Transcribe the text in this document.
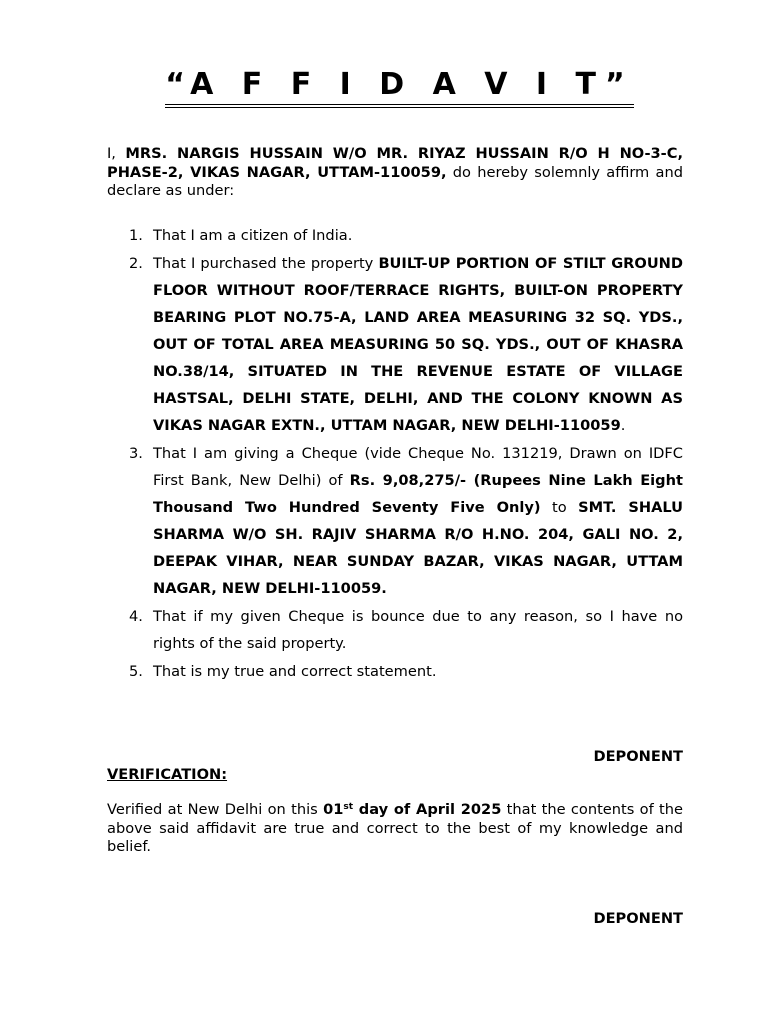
“A F F I D A V I T”

I, MRS. NARGIS HUSSAIN W/O MR. RIYAZ HUSSAIN R/O H NO-3-C, PHASE-2, VIKAS NAGAR, UTTAM-110059, do hereby solemnly affirm and declare as under:

1. That I am a citizen of India.
2. That I purchased the property BUILT-UP PORTION OF STILT GROUND FLOOR WITHOUT ROOF/TERRACE RIGHTS, BUILT-ON PROPERTY BEARING PLOT NO.75-A, LAND AREA MEASURING 32 SQ. YDS., OUT OF TOTAL AREA MEASURING 50 SQ. YDS., OUT OF KHASRA NO.38/14, SITUATED IN THE REVENUE ESTATE OF VILLAGE HASTSAL, DELHI STATE, DELHI, AND THE COLONY KNOWN AS VIKAS NAGAR EXTN., UTTAM NAGAR, NEW DELHI-110059.
3. That I am giving a Cheque (vide Cheque No. 131219, Drawn on IDFC First Bank, New Delhi) of Rs. 9,08,275/- (Rupees Nine Lakh Eight Thousand Two Hundred Seventy Five Only) to SMT. SHALU SHARMA W/O SH. RAJIV SHARMA R/O H.NO. 204, GALI NO. 2, DEEPAK VIHAR, NEAR SUNDAY BAZAR, VIKAS NAGAR, UTTAM NAGAR, NEW DELHI-110059.
4. That if my given Cheque is bounce due to any reason, so I have no rights of the said property.
5. That is my true and correct statement.
DEPONENT
VERIFICATION:

Verified at New Delhi on this 01st day of April 2025 that the contents of the above said affidavit are true and correct to the best of my knowledge and belief.

DEPONENT
